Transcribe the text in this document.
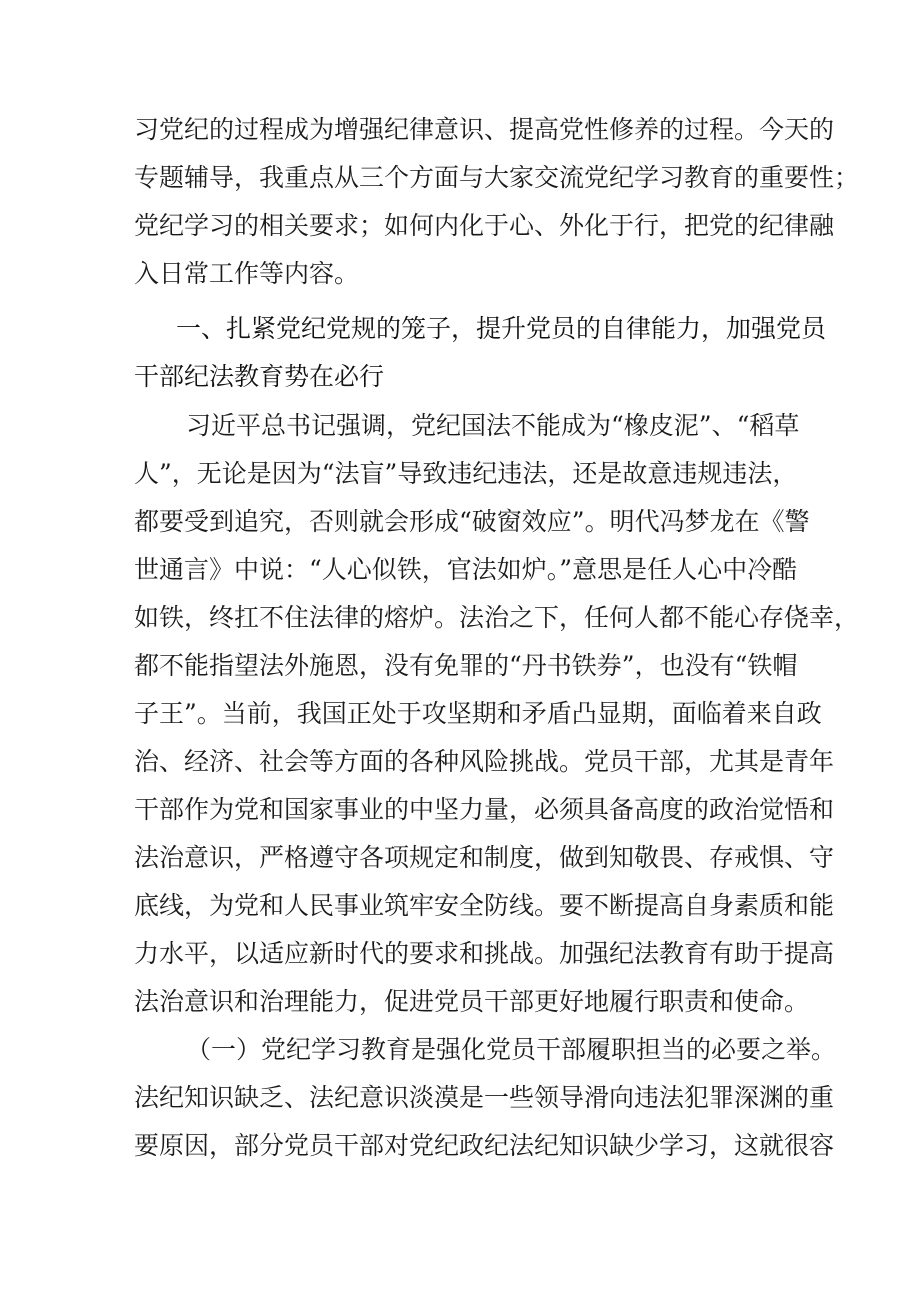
习党纪的过程成为增强纪律意识、提高党性修养的过程。今天的
专题辅导，我重点从三个方面与大家交流党纪学习教育的重要性；
党纪学习的相关要求；如何内化于心、外化于行，把党的纪律融
入日常工作等内容。
一、扎紧党纪党规的笼子，提升党员的自律能力，加强党员
干部纪法教育势在必行
习近平总书记强调，党纪国法不能成为“橡皮泥”、“稻草
人”，无论是因为“法盲”导致违纪违法，还是故意违规违法，
都要受到追究，否则就会形成“破窗效应”。明代冯梦龙在《警
世通言》中说：“人心似铁，官法如炉。”意思是任人心中冷酷
如铁，终扛不住法律的熔炉。法治之下，任何人都不能心存侥幸，
都不能指望法外施恩，没有免罪的“丹书铁券”，也没有“铁帽
子王”。当前，我国正处于攻坚期和矛盾凸显期，面临着来自政
治、经济、社会等方面的各种风险挑战。党员干部，尤其是青年
干部作为党和国家事业的中坚力量，必须具备高度的政治觉悟和
法治意识，严格遵守各项规定和制度，做到知敬畏、存戒惧、守
底线，为党和人民事业筑牢安全防线。要不断提高自身素质和能
力水平，以适应新时代的要求和挑战。加强纪法教育有助于提高
法治意识和治理能力，促进党员干部更好地履行职责和使命。
（一）党纪学习教育是强化党员干部履职担当的必要之举。
法纪知识缺乏、法纪意识淡漠是一些领导滑向违法犯罪深渊的重
要原因，部分党员干部对党纪政纪法纪知识缺少学习，这就很容
